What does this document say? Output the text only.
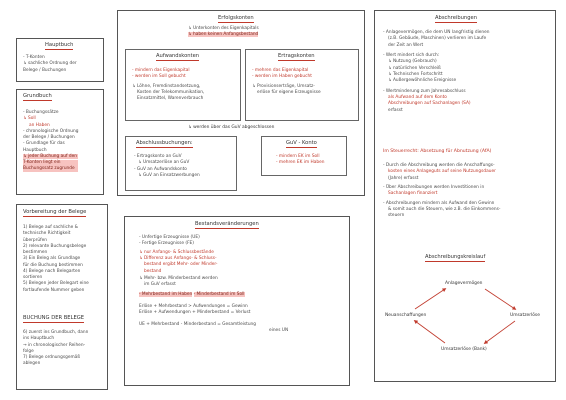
Hauptbuch
- T-Konten
↳ sachliche Ordnung der
Belege / Buchungen
Grundbuch
- Buchungssätze
↳ Soll
an Haben
- chronologische Ordnung
der Belege / Buchungen
- Grundlage für das
Hauptbuch
↳ jeder Buchung auf den
T-Konten liegt ein
Buchungssatz zugrunde
Vorbereitung der Belege
1) Belege auf sachliche &
technische Richtigkeit
überprüfen
2) relevante Buchungsbelege
bestimmen
3) Ein Beleg als Grundlage
für die Buchung bestimmen
4) Belege nach Belegarten
sortieren
5) Belegen jeder Belegart eine
fortlaufende Nummer geben
BUCHUNG DER BELEGE
6) zuerst ins Grundbuch, dann
ins Hauptbuch
→ in chronologischer Reihen-
folge
7) Belege ordnungsgemäß
ablegen
Erfolgskonten
↳ Unterkonten des Eigenkapitals
↳ haben keinen Anfangsbestand
Aufwandskonten
- mindern das Eigenkapital
- werden im Soll gebucht
↳ Löhne, Fremdinstandsetzung,
Kosten der Telekommunikation,
Einsatzmittel, Warenverbrauch
Ertragskonten
- mehren das Eigenkapital
- werden im Haben gebucht
↳ Provisionserträge, Umsatz-
erlöse für eigene Erzeugnisse
↳ werden über das GuV abgeschlossen
Abschlussbuchungen:
- Ertragskonto an GuV
↳ Umsatzerlöse an GuV
- GuV an Aufwandskonto
↳ GuV an Einsatzwerbungen
GuV - Konto
- mindern EK im Soll
- mehren EK im Haben
Bestandsveränderungen
- Unfertige Erzeugnisse (UE)
- Fertige Erzeugnisse (FE)
↳ nur Anfangs- & Schlussbestände
↳ Differenz aus Anfangs- & Schluss-
bestand ergibt Mehr- oder Minder-
bestand
↳ Mehr- bzw. Minderbestand werden
im GuV erfasst
- Mehrbestand im Haben - Minderbestand im Soll
Erlöse + Mehrbestand > Aufwendungen = Gewinn
Erlöse + Aufwendungen + Minderbestand = Verlust
UE + Mehrbestand - Minderbestand = Gesamtleistung
eines UN
Abschreibungen
- Anlagevermögen, die dem UN langfristig dienen
(z.B. Gebäude, Maschinen) verlieren im Laufe
der Zeit an Wert
- Wert mindert sich durch:
↳ Nutzung (Gebrauch)
↳ natürlichen Verschleiß
↳ Technischen Fortschritt
↳ Außergewöhnliche Ereignisse
- Wertminderung zum Jahresabschluss
als Aufwand auf dem Konto
Abschreibungen auf Sachanlagen (SA)
erfasst
Im Steuerrecht: Absetzung für Abnutzung (AfA)
- Durch die Abschreibung werden die Anschaffungs-
kosten eines Anlageguts auf seine Nutzungsdauer
(Jahre) erfasst
- Über Abschreibungen werden Investitionen in
Sachanlagen finanziert
- Abschreibungen mindern als Aufwand den Gewinn
& somit auch die Steuern, wie z.B. die Einkommens-
steuern
Abschreibungskreislauf
Anlagevermögen
Umsatzerlöse
Umsatzerlöse (Bank)
Neuanschaffungen
